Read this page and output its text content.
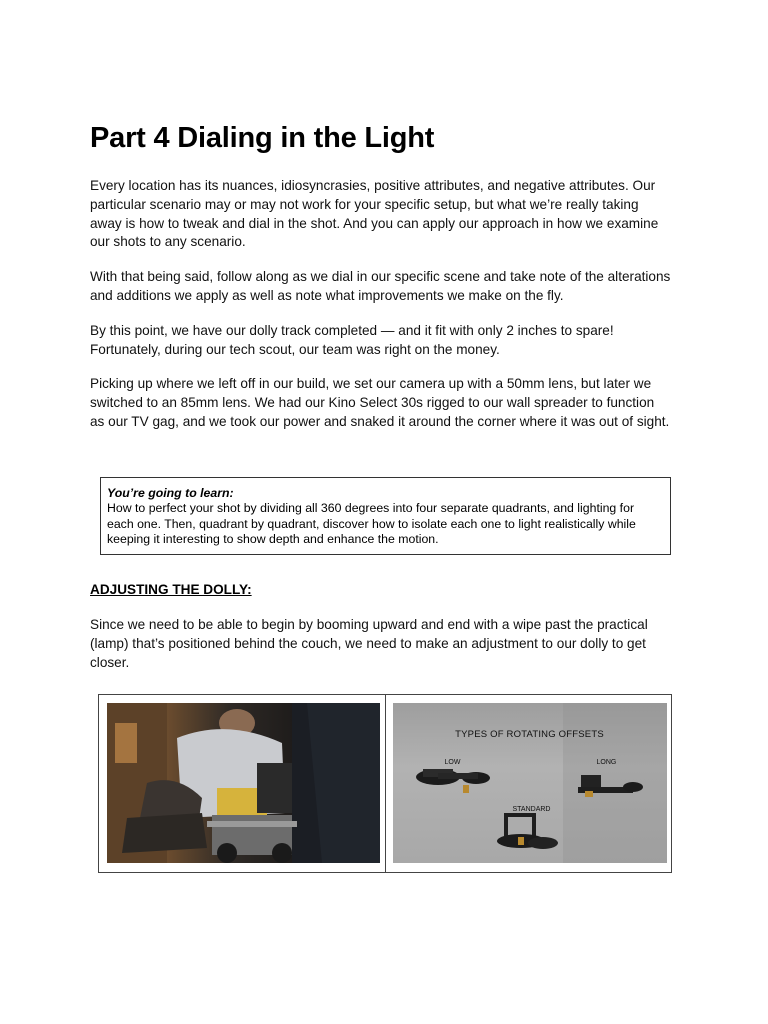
Part 4 Dialing in the Light

Every location has its nuances, idiosyncrasies, positive attributes, and negative attributes. Our particular scenario may or may not work for your specific setup, but what we’re really taking away is how to tweak and dial in the shot. And you can apply our approach in how we examine our shots to any scenario.

With that being said, follow along as we dial in our specific scene and take note of the alterations and additions we apply as well as note what improvements we make on the fly.

By this point, we have our dolly track completed — and it fit with only 2 inches to spare! Fortunately, during our tech scout, our team was right on the money.

Picking up where we left off in our build, we set our camera up with a 50mm lens, but later we switched to an 85mm lens. We had our Kino Select 30s rigged to our wall spreader to function as our TV gag, and we took our power and snaked it around the corner where it was out of sight.

You’re going to learn:
How to perfect your shot by dividing all 360 degrees into four separate quadrants, and lighting for each one. Then, quadrant by quadrant, discover how to isolate each one to light realistically while keeping it interesting to show depth and enhance the motion.
ADJUSTING THE DOLLY:

Since we need to be able to begin by booming upward and end with a wipe past the practical (lamp) that’s positioned behind the couch, we need to make an adjustment to our dolly to get closer.

TYPES OF ROTATING OFFSETS
LOW	LONG
STANDARD
